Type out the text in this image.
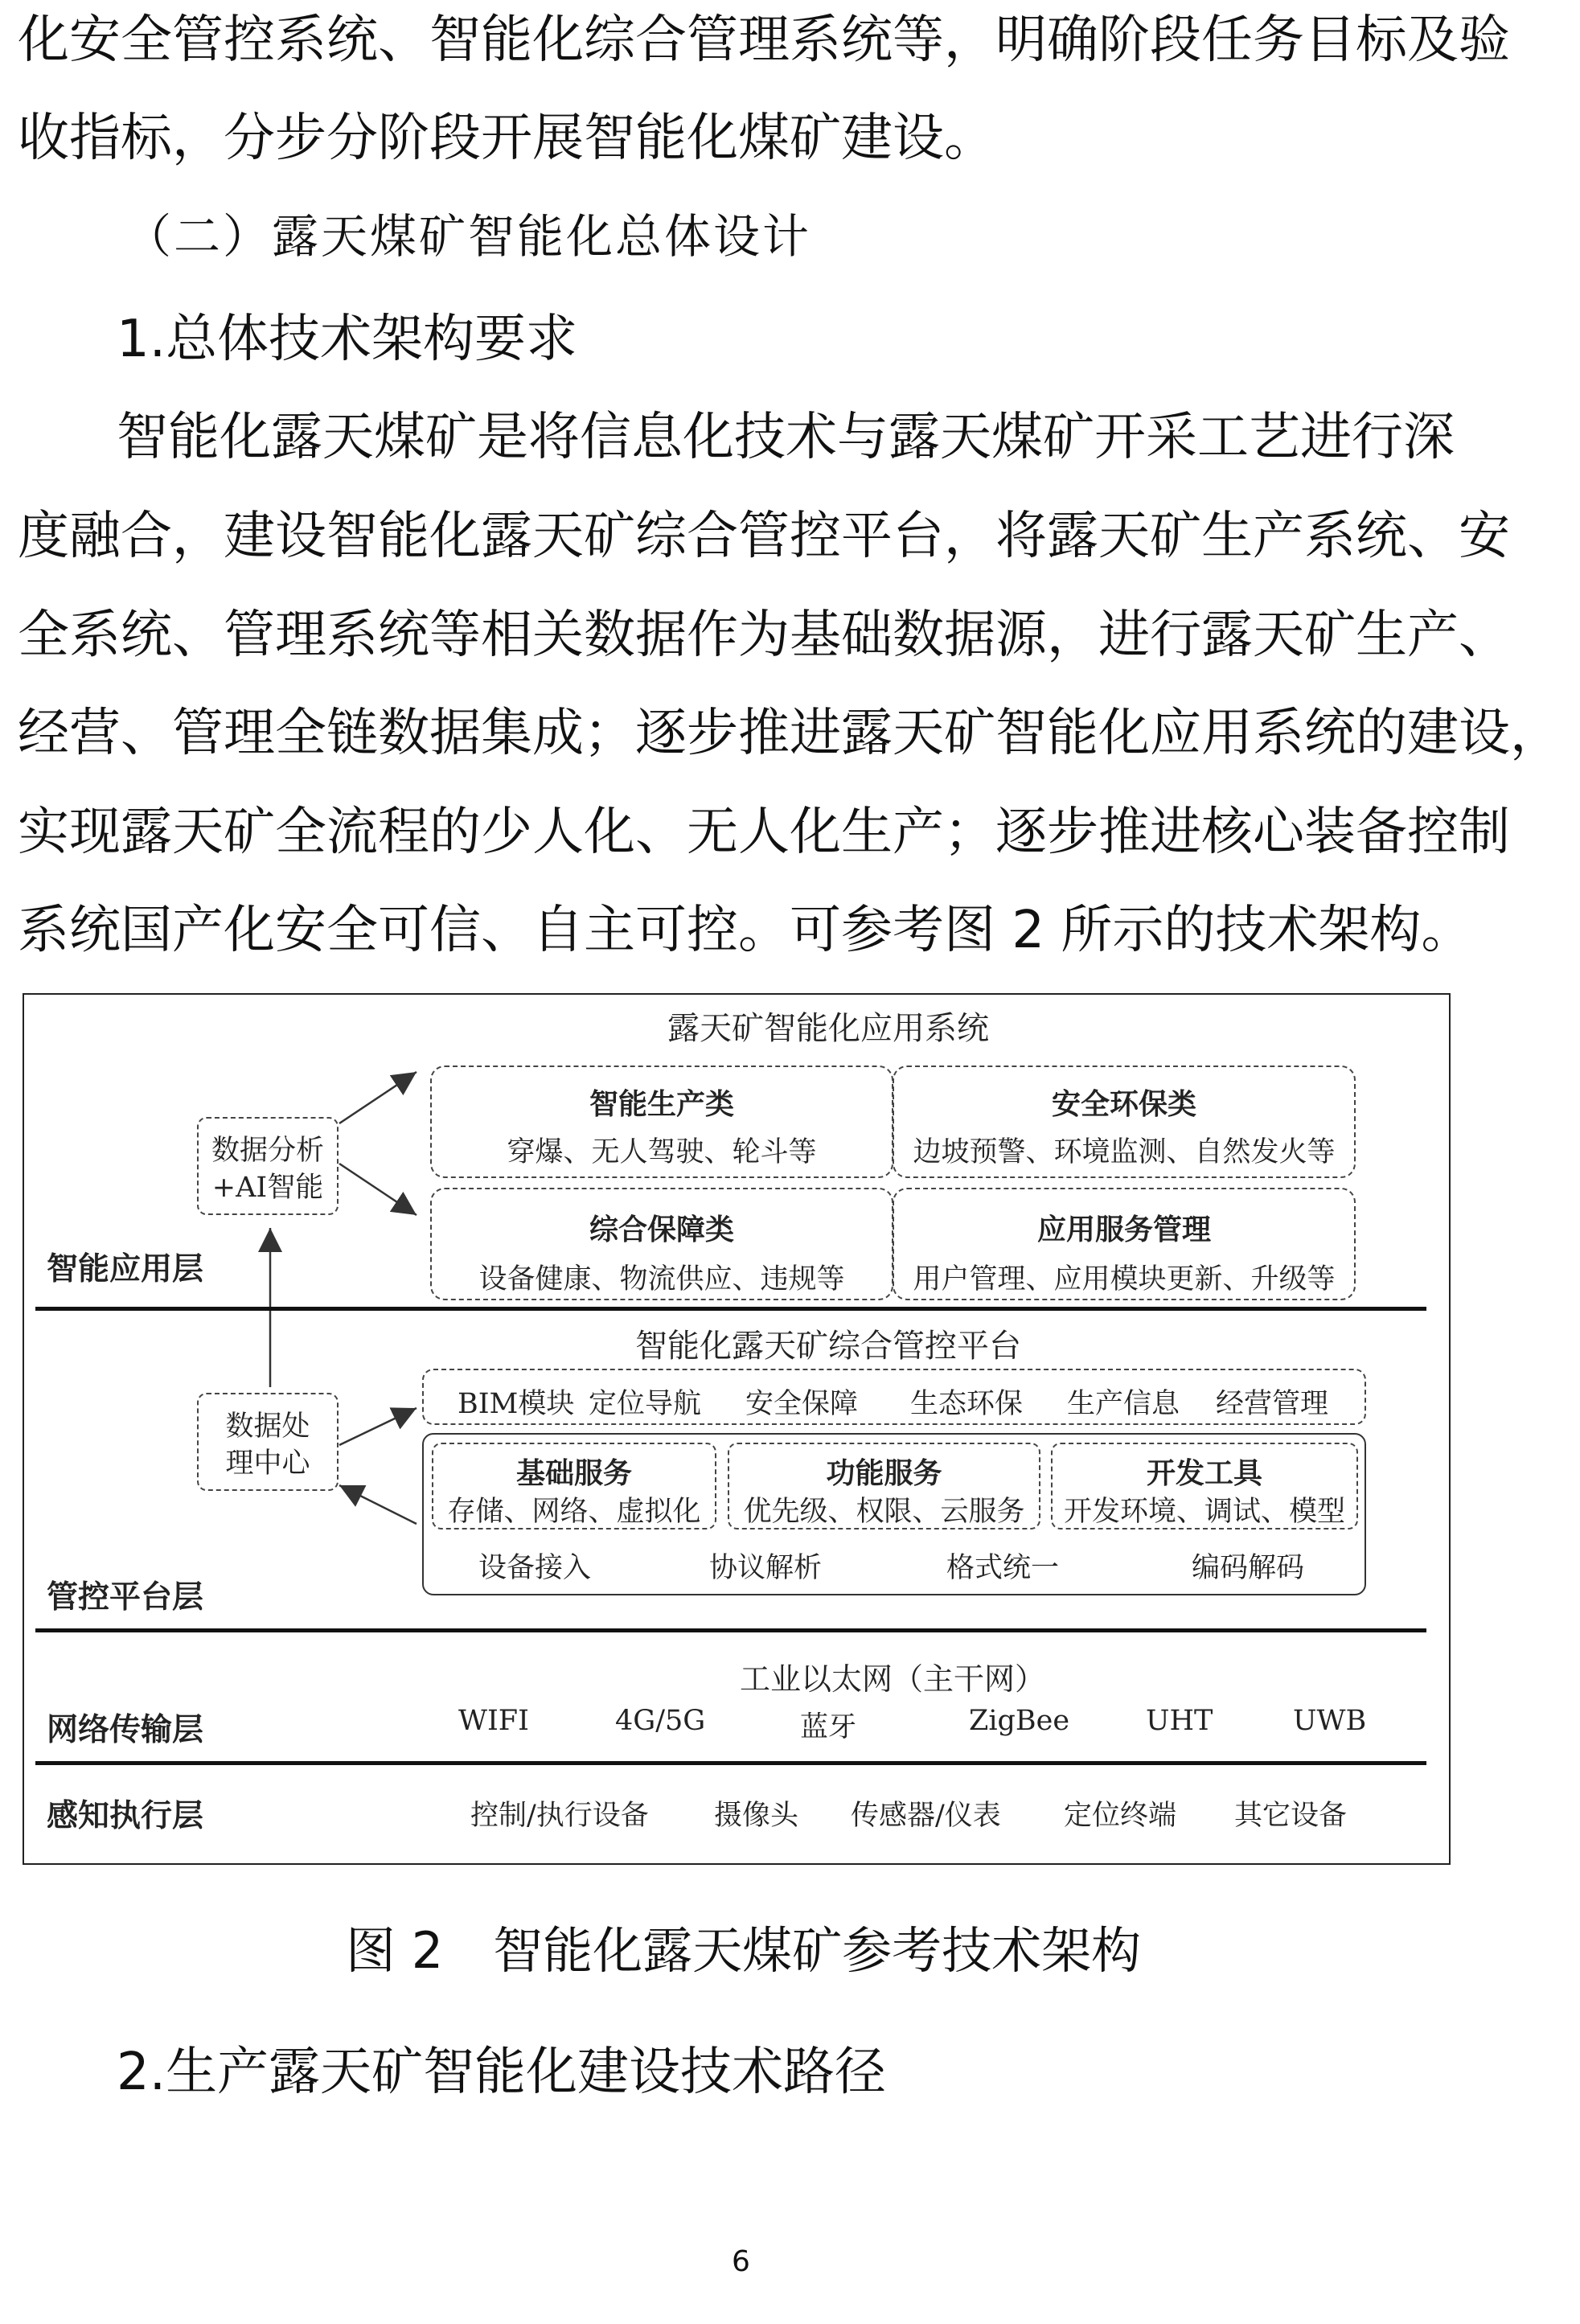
化安全管控系统、智能化综合管理系统等，明确阶段任务目标及验
收指标，分步分阶段开展智能化煤矿建设。
（二）露天煤矿智能化总体设计
1.总体技术架构要求
智能化露天煤矿是将信息化技术与露天煤矿开采工艺进行深
度融合，建设智能化露天矿综合管控平台，将露天矿生产系统、安
全系统、管理系统等相关数据作为基础数据源，进行露天矿生产、
经营、管理全链数据集成；逐步推进露天矿智能化应用系统的建设，
实现露天矿全流程的少人化、无人化生产；逐步推进核心装备控制
系统国产化安全可信、自主可控。可参考图 2 所示的技术架构。
露天矿智能化应用系统
智能生产类
穿爆、无人驾驶、轮斗等
安全环保类
边坡预警、环境监测、自然发火等
综合保障类
设备健康、物流供应、违规等
应用服务管理
用户管理、应用模块更新、升级等
数据分析
+AI智能
智能应用层
智能化露天矿综合管控平台
BIM模块 定位导航 安全保障 生态环保 生产信息 经营管理
数据处
理中心	基础服务
存储、网络、虚拟化
功能服务
优先级、权限、云服务
开发工具
开发环境、调试、模型
设备接入	协议解析	格式统一	编码解码
管控平台层
工业以太网（主干网）
WIFI	4G/5G	蓝牙	ZigBee	UHT	UWB
网络传输层
感知执行层	控制/执行设备 摄像头 传感器/仪表 定位终端 其它设备
图 2　智能化露天煤矿参考技术架构
2.生产露天矿智能化建设技术路径
6
